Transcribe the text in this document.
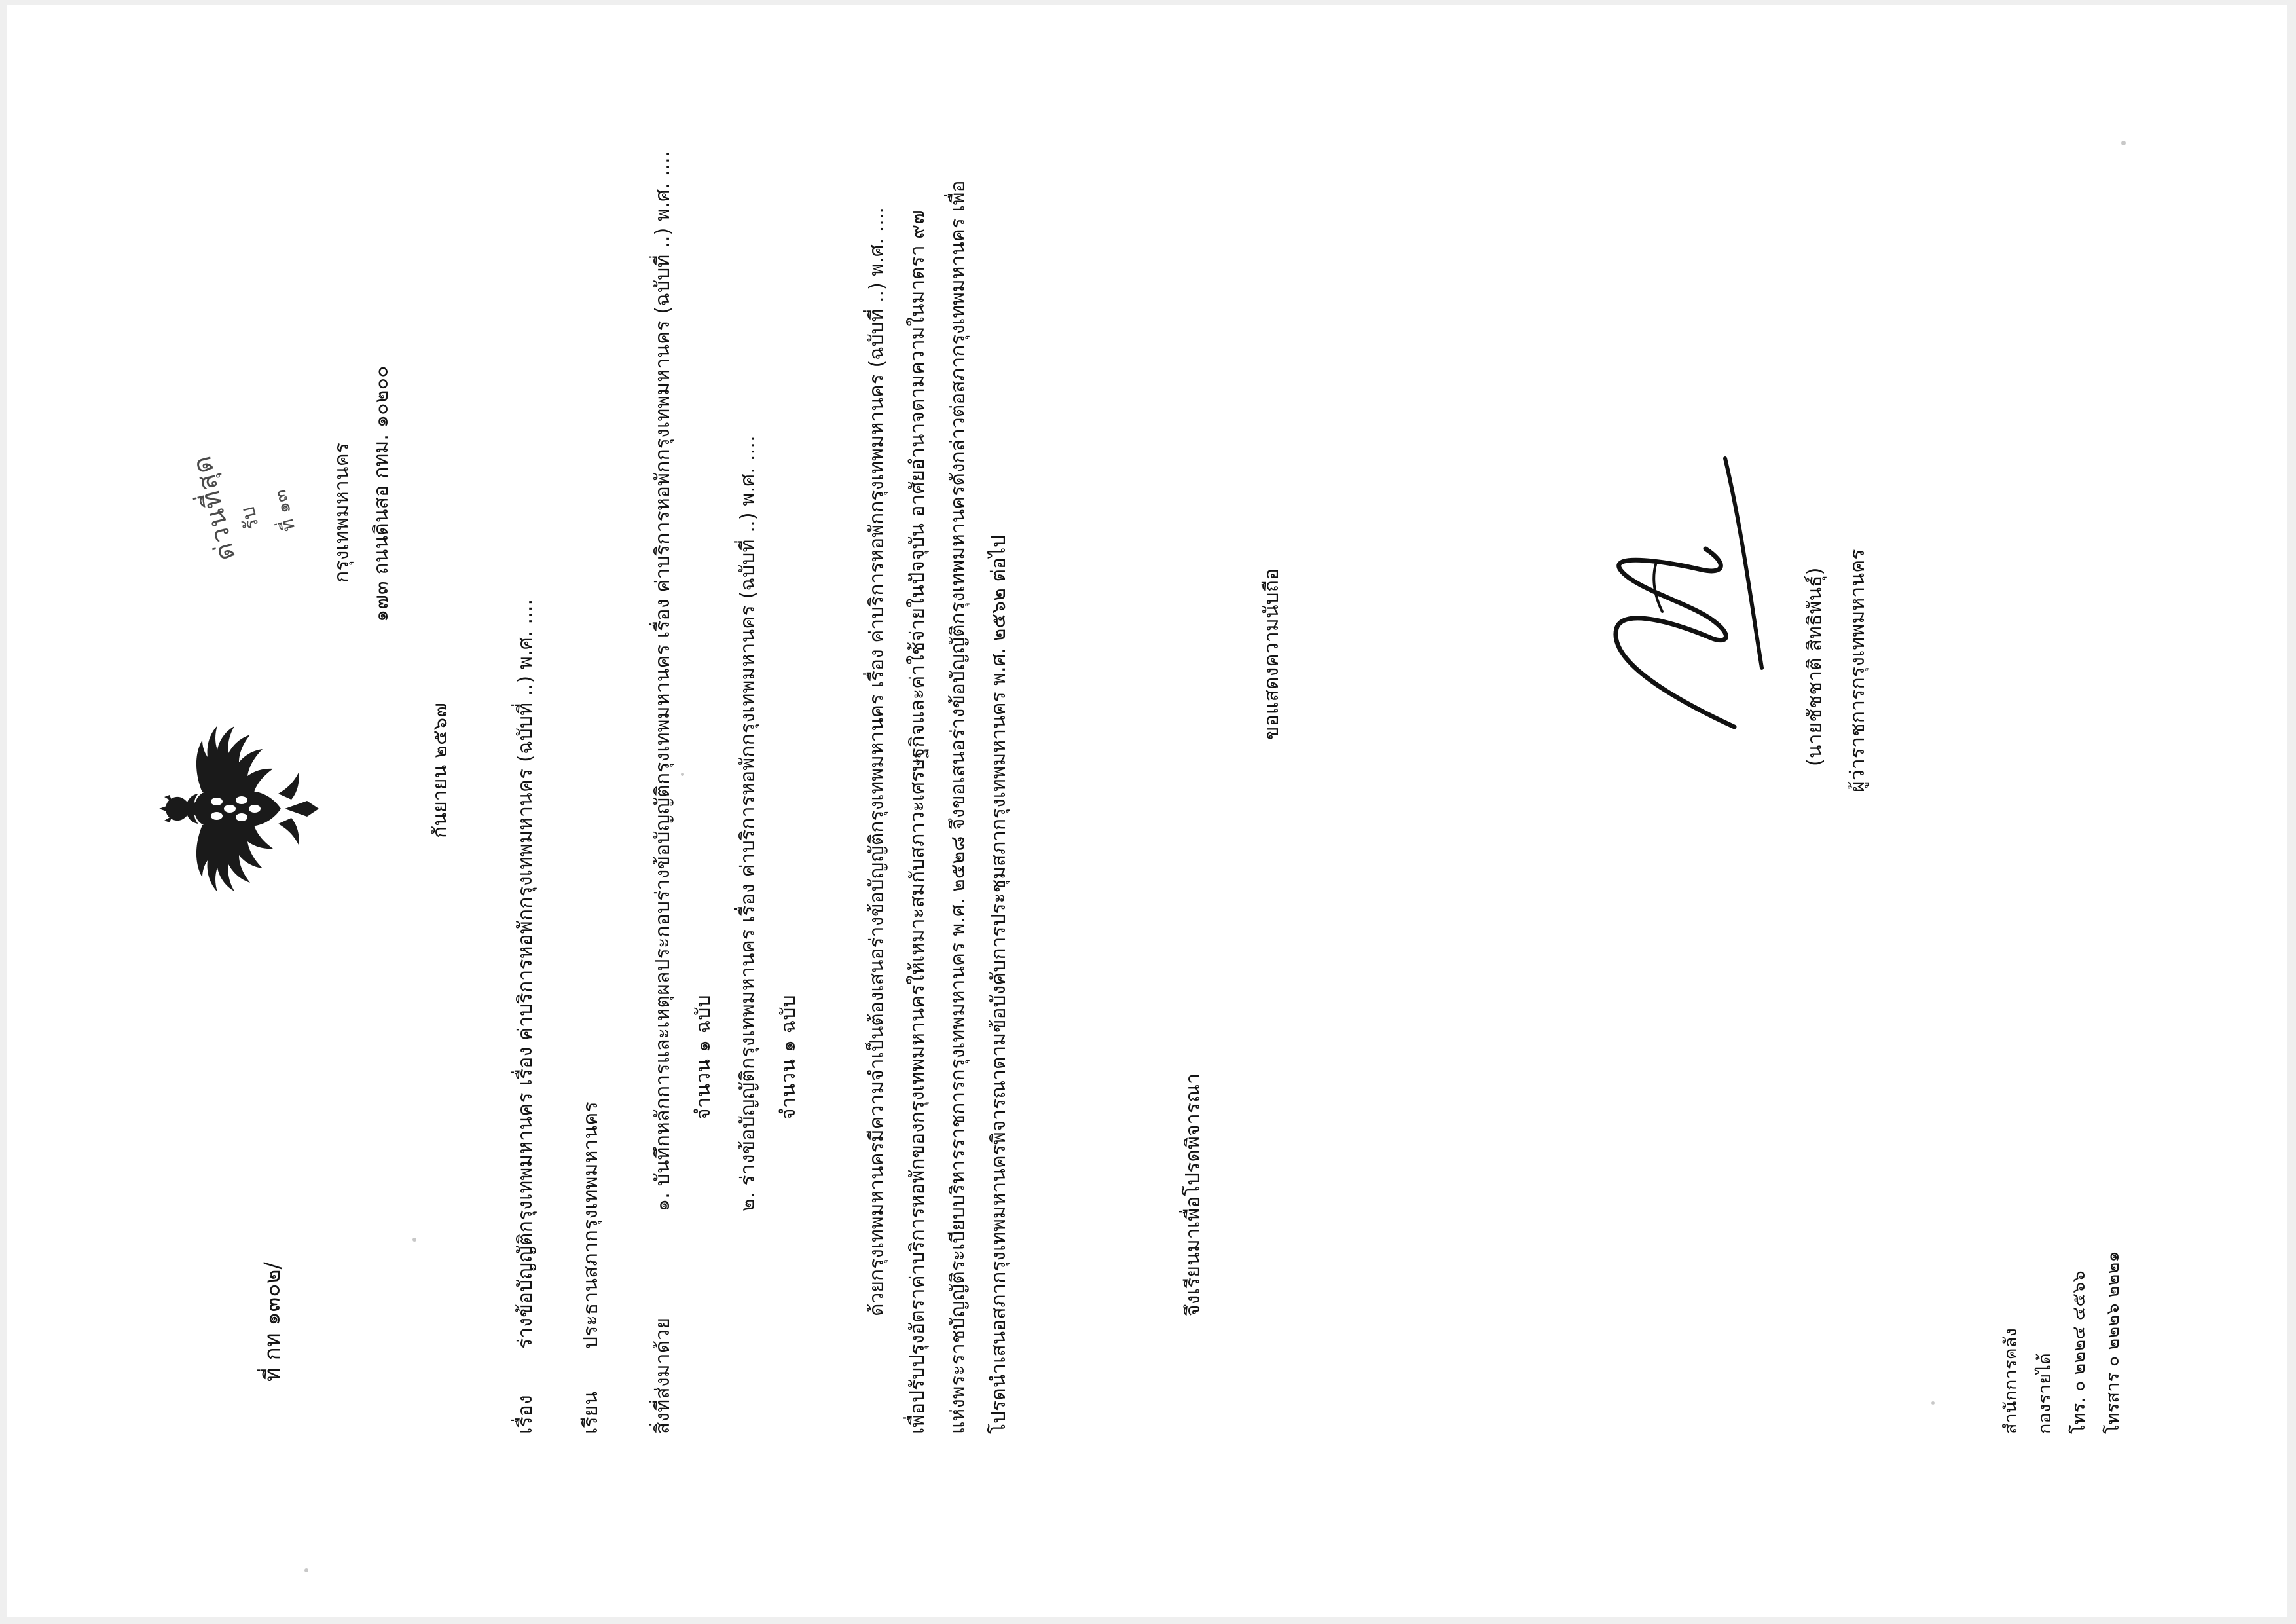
ด่วนที่สุด
รับ ที่ ๑๓
ที่ กท ๑๓๐๒/
กรุงเทพมหานคร ๑๗๓ ถนนดินสอ กทม. ๑๐๒๐๐
กันยายน ๒๕๖๗
เรื่อง
ร่างข้อบัญญัติกรุงเทพมหานคร เรื่อง ค่าบริการหอพักกรุงเทพมหานคร (ฉบับที่ ..) พ.ศ. ....
เรียน
ประธานสภากรุงเทพมหานคร
สิ่งที่ส่งมาด้วย
๑. บันทึกหลักการและเหตุผลประกอบร่างข้อบัญญัติกรุงเทพมหานคร เรื่อง ค่าบริการหอพักกรุงเทพมหานคร (ฉบับที่ ..) พ.ศ. .... จำนวน ๑ ฉบับ ๒. ร่างข้อบัญญัติกรุงเทพมหานคร เรื่อง ค่าบริการหอพักกรุงเทพมหานคร (ฉบับที่ ..) พ.ศ. .... จำนวน ๑ ฉบับ	ด้วยกรุงเทพมหานครมีความจำเป็นต้องเสนอร่างข้อบัญญัติกรุงเทพมหานคร เรื่อง ค่าบริการหอพักกรุงเทพมหานคร (ฉบับที่ ..) พ.ศ. .... เพื่อปรับปรุงอัตราค่าบริการหอพักของกรุงเทพมหานครให้เหมาะสมกับสภาวะเศรษฐกิจและค่าใช้จ่ายในปัจจุบัน อาศัยอำนาจตามความในมาตรา ๙๗ แห่งพระราชบัญญัติระเบียบบริหารราชการกรุงเทพมหานคร พ.ศ. ๒๕๒๘ จึงขอเสนอร่างข้อบัญญัติกรุงเทพมหานครดังกล่าวต่อสภากรุงเทพมหานคร เพื่อโปรดนำเสนอสภากรุงเทพมหานครพิจารณาตามข้อบังคับการประชุมสภากรุงเทพมหานคร พ.ศ. ๒๕๖๒ ต่อไป	จึงเรียนมาเพื่อโปรดพิจารณา
ขอแสดงความนับถือ	(นายชัชชาติ สิทธิพันธุ์) ผู้ว่าราชการกรุงเทพมหานคร
สำนักการคลัง กองรายได้ โทร. ๐ ๒๒๒๔ ๔๕๖๖ โทรสาร ๐ ๒๒๒๖ ๒๒๒๑
